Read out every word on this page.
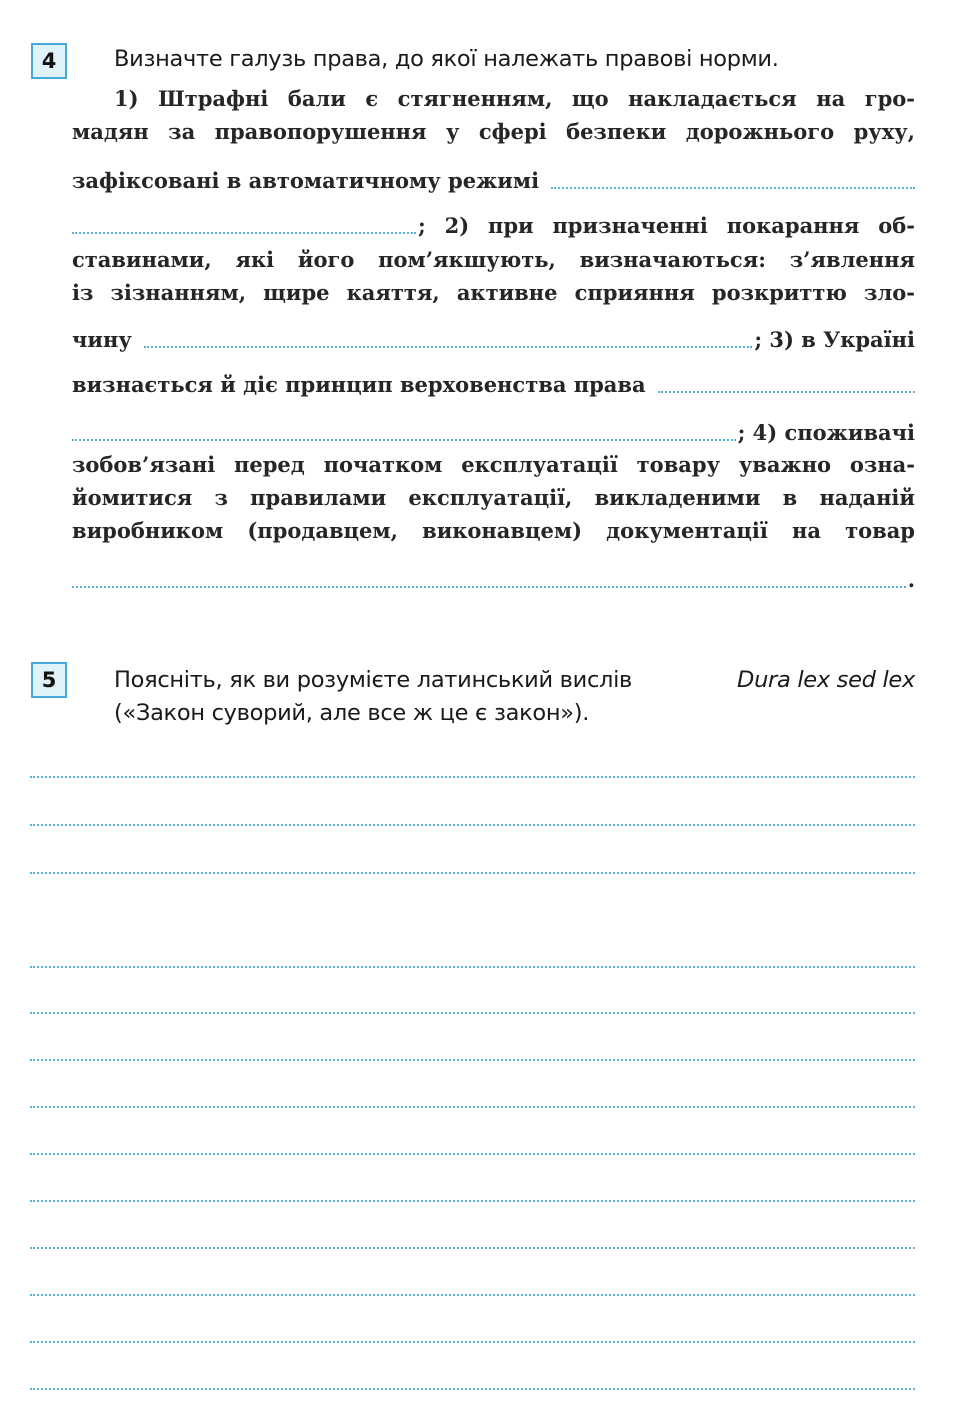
4	Визначте галузь права, до якої належать правові норми.
1) Штрафні бали є стягненням, що накладається на гро-
мадян за правопорушення у сфері безпеки дорожнього руху,
зафіксовані в автоматичному режимі
; 2) при призначенні покарання об-
ставинами, які його пом’якшують, визначаються: з’явлення
із зізнанням, щире каяття, активне сприяння розкриттю зло-
чину	; 3) в Україні
визнається й діє принцип верховенства права
; 4) споживачі
зобов’язані перед початком експлуатації товару уважно озна-
йомитися з правилами експлуатації, викладеними в наданій
виробником (продавцем, виконавцем) документації на товар
.
5	Поясніть, як ви розумієте латинський вислів	Dura lex sed lex
(«Закон суворий, але все ж це є закон»).
